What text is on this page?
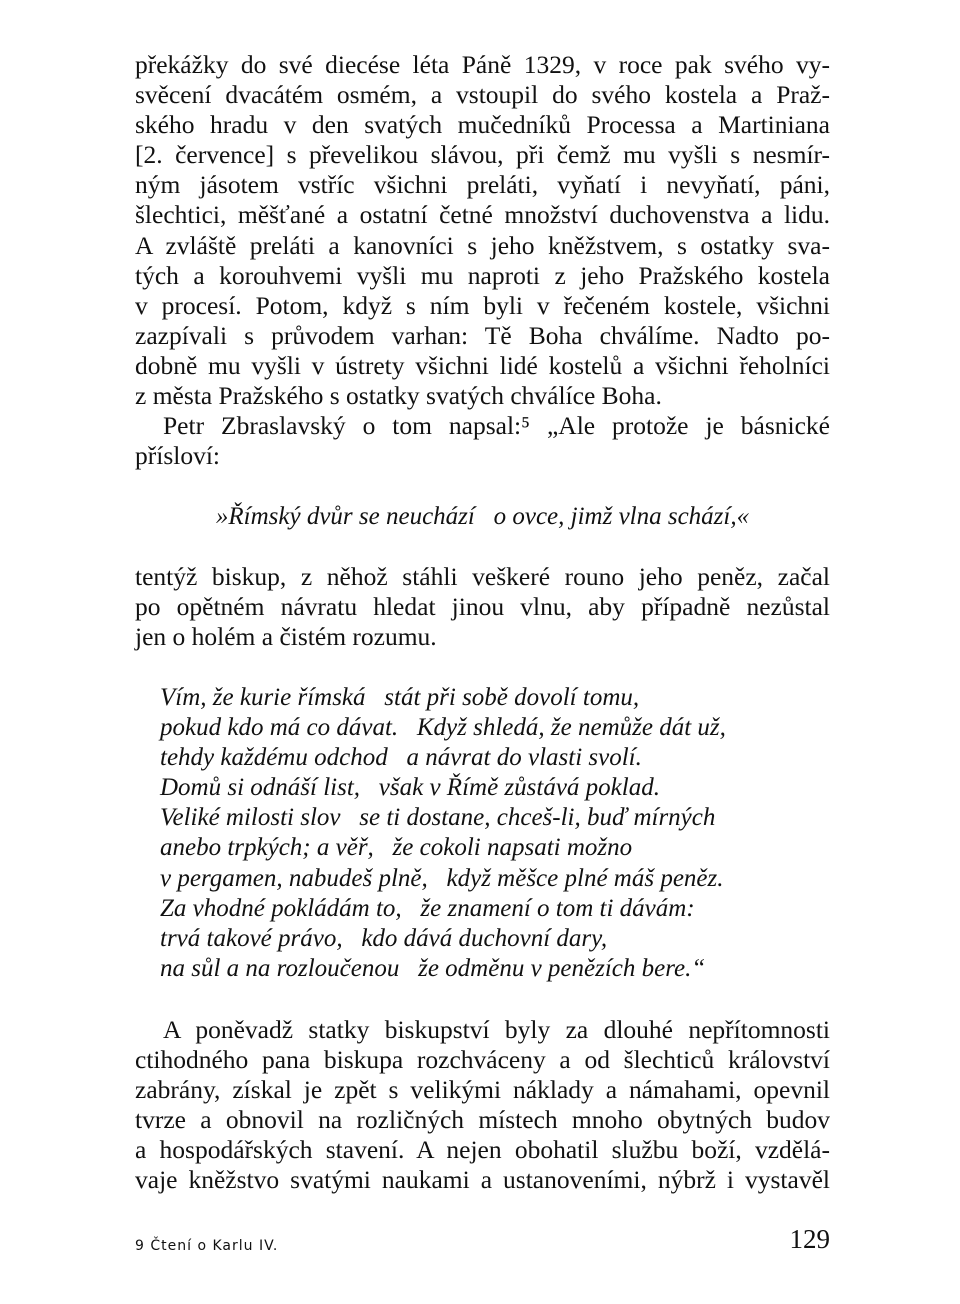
překážky do své diecése léta Páně 1329, v roce pak svého vy-
svěcení dvacátém osmém, a vstoupil do svého kostela a Praž-
ského hradu v den svatých mučedníků Processa a Martiniana
[2. července] s převelikou slávou, při čemž mu vyšli s nesmír-
ným jásotem vstříc všichni preláti, vyňatí i nevyňatí, páni,
šlechtici, měšťané a ostatní četné množství duchovenstva a lidu.
A zvláště preláti a kanovníci s jeho kněžstvem, s ostatky sva-
tých a korouhvemi vyšli mu naproti z jeho Pražského kostela
v procesí. Potom, když s ním byli v řečeném kostele, všichni
zazpívali s průvodem varhan: Tě Boha chválíme. Nadto po-
dobně mu vyšli v ústrety všichni lidé kostelů a všichni řeholníci
z města Pražského s ostatky svatých chválíce Boha.
Petr Zbraslavský o tom napsal:⁵ „Ale protože je básnické
přísloví:
»Římský dvůr se neuchází   o ovce, jimž vlna schází,«
tentýž biskup, z něhož stáhli veškeré rouno jeho peněz, začal
po opětném návratu hledat jinou vlnu, aby případně nezůstal
jen o holém a čistém rozumu.
Vím, že kurie římská   stát při sobě dovolí tomu,
pokud kdo má co dávat.   Když shledá, že nemůže dát už,
tehdy každému odchod   a návrat do vlasti svolí.
Domů si odnáší list,   však v Římě zůstává poklad.
Veliké milosti slov   se ti dostane, chceš-li, buď mírných
anebo trpkých; a věř,   že cokoli napsati možno
v pergamen, nabudeš plně,   když měšce plné máš peněz.
Za vhodné pokládám to,   že znamení o tom ti dávám:
trvá takové právo,   kdo dává duchovní dary,
na sůl a na rozloučenou   že odměnu v penězích bere.“
A poněvadž statky biskupství byly za dlouhé nepřítomnosti
ctihodného pana biskupa rozchváceny a od šlechticů království
zabrány, získal je zpět s velikými náklady a námahami, opevnil
tvrze a obnovil na rozličných místech mnoho obytných budov
a hospodářských stavení. A nejen obohatil službu boží, vzdělá-
vaje kněžstvo svatými naukami a ustanoveními, nýbrž i vystavěl
9 Čtení o Karlu IV.	129
